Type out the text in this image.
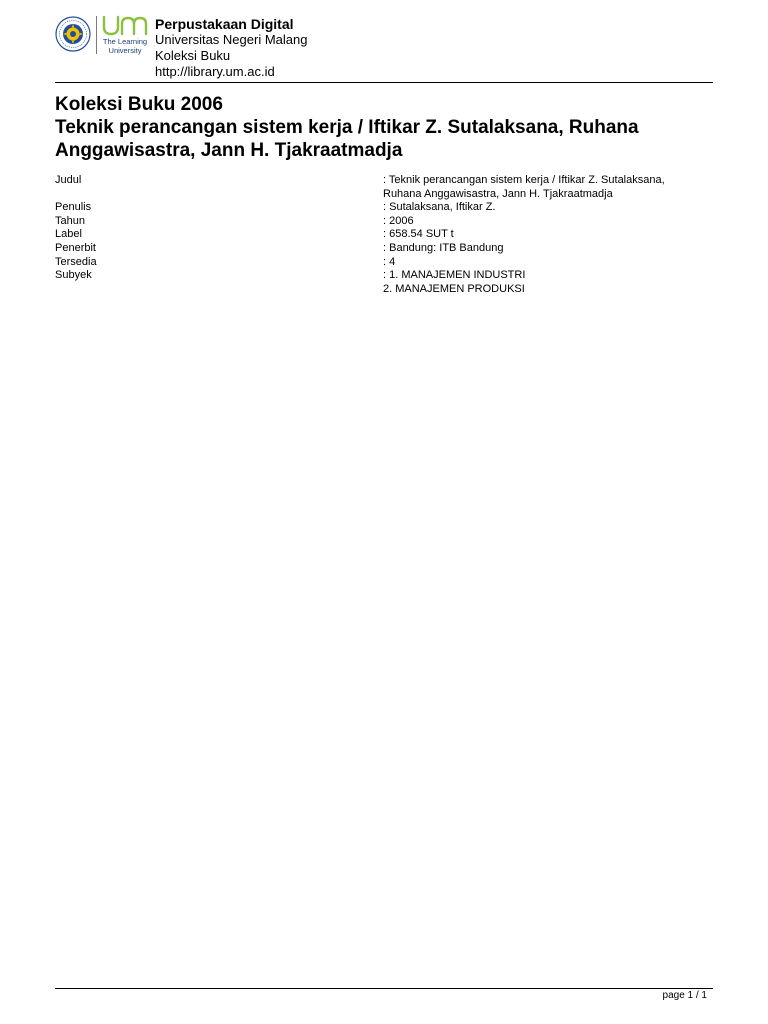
The Learning
University
Perpustakaan Digital
Universitas Negeri Malang
Koleksi Buku
http://library.um.ac.id
Koleksi Buku 2006
Teknik perancangan sistem kerja / Iftikar Z. Sutalaksana, Ruhana Anggawisastra, Jann H. Tjakraatmadja
Judul	: Teknik perancangan sistem kerja / Iftikar Z. Sutalaksana, Ruhana Anggawisastra, Jann H. Tjakraatmadja
Penulis	: Sutalaksana, Iftikar Z.
Tahun	: 2006
Label	: 658.54 SUT t
Penerbit	: Bandung: ITB Bandung
Tersedia	: 4
Subyek	: 1. MANAJEMEN INDUSTRI
2. MANAJEMEN PRODUKSI
page 1 / 1
